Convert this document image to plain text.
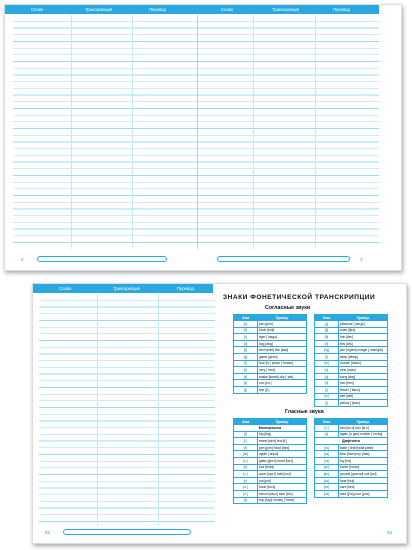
Слово	Транскрипция	Перевод	Слово	Транскрипция	Перевод
2	3
Слово	Транскрипция	Перевод
ЗНАКИ ФОНЕТИЧЕСКОЙ ТРАНСКРИПЦИИ
Согласные звуки
Знак	Пример
[p]	pen [pen]
[b]	book [bʊk]
[t]	tiger [ˈtaɪgə]
[d]	dog [dɒg]
[k]	wish [kæt] kite [kaɪt]
[g]	game [geɪm]
[f]	four [fɔː] photo [ˈfəʊtəʊ]
[v]	very [ˈverɪ]
[s]	snake [sneɪk] city [ˈsɪtɪ]
[z]	zoo [zuː]
[ʃ]	she [ʃiː]
Знак	Пример
[ʒ]	pleasure [ˈpleʒə]
[tʃ]	chair [tʃeə]
[θ]	thin [θɪn]
[ð]	this [ðɪs]
[dʒ]	jam [dʒæm] magic [ˈmædʒɪk]
[l]	lamp [læmp]
[m]	mouse [maʊs]
[n]	nine [naɪn]
[ŋ]	song [sɒŋ]
[h]	hen [hen]
[r]	flower [ˈflaʊə]
[w]	wet [wet]
[j]	yellow [ˈjeləʊ]
Гласные звуки
Знак	Пример
Монофтонги	
[ɪ]	big [bɪg]
[iː]	street [striːt] tea [tiː]
[e]	pen [pen] head [hed]
[æ]	apple [ˈæpəl]
[ɑː]	glass [glɑːs] heart [hɑːt]
[ɒ]	box [bɒks]
[ɔː]	sport [spɔːt] wall [wɔːl]
[ʊ]	put [pʊt]
[uː]	book [buːk]
[uː]	school [skuːl] blue [bluː]
[ʌ]	cup [kʌp] money [ˈmʌnɪ]
Знак	Пример
[ɜː]	bird [bɜːd] turn [tɜːn]
[ə]	again [əˈgen] mother [ˈmʌðə]
Дифтонги	
[eɪ]	table [ˈteɪbl] wait [weɪt]
[aɪ]	time [taɪm] my [maɪ]
[ɔɪ]	toy [tɔɪ]
[əʊ]	home [həʊm]
[aʊ]	ground [graʊnd] owl [aʊl]
[ɪə]	hear [hɪə]
[eə]	care [keə]
[ʊə]	sure [ʃʊə] poor [pʊə]
82	83
